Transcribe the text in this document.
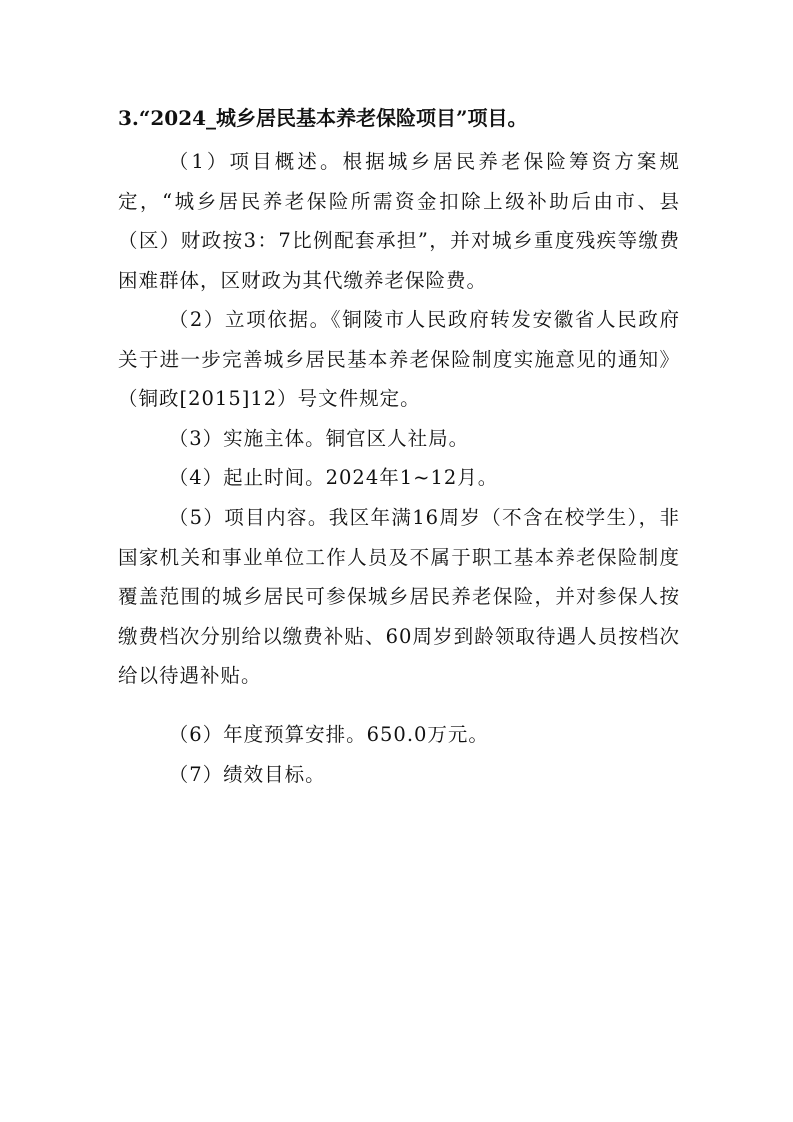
3.“2024_城乡居民基本养老保险项目”项目。
（1）项目概述。根据城乡居民养老保险筹资方案规定，“城乡居民养老保险所需资金扣除上级补助后由市、县（区）财政按3：7比例配套承担”，并对城乡重度残疾等缴费困难群体，区财政为其代缴养老保险费。
（2）立项依据。《铜陵市人民政府转发安徽省人民政府关于进一步完善城乡居民基本养老保险制度实施意见的通知》（铜政[2015]12）号文件规定。
（3）实施主体。铜官区人社局。
（4）起止时间。2024年1~12月。
（5）项目内容。我区年满16周岁（不含在校学生），非国家机关和事业单位工作人员及不属于职工基本养老保险制度覆盖范围的城乡居民可参保城乡居民养老保险，并对参保人按缴费档次分别给以缴费补贴、60周岁到龄领取待遇人员按档次给以待遇补贴。
（6）年度预算安排。650.0万元。
（7）绩效目标。
